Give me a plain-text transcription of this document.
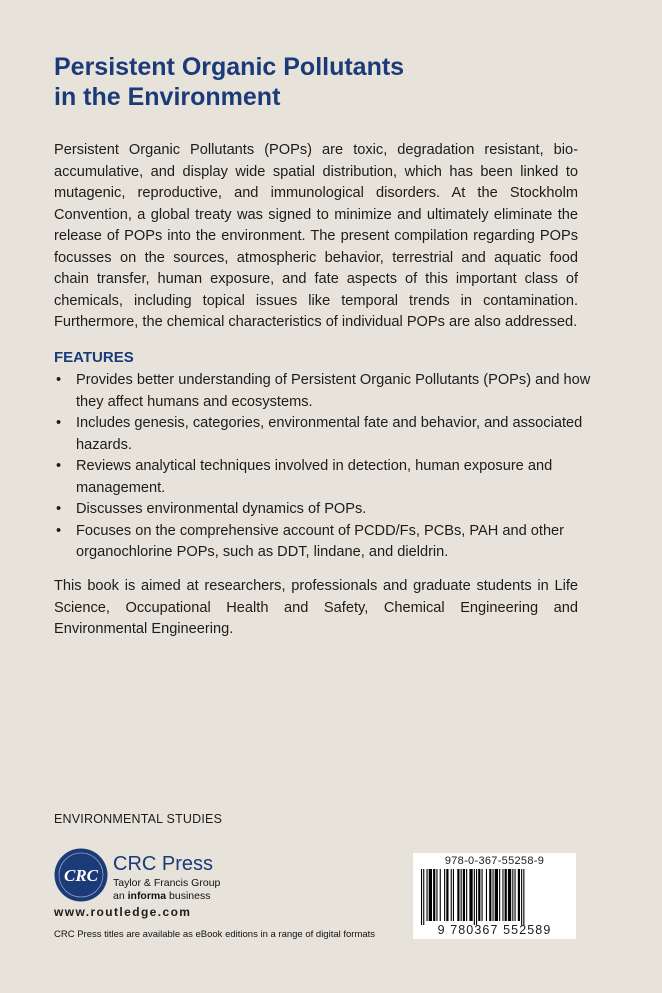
Persistent Organic Pollutants
in the Environment

Persistent Organic Pollutants (POPs) are toxic, degradation resistant, bio-accumulative, and display wide spatial distribution, which has been linked to mutagenic, reproductive, and immunological disorders. At the Stockholm Convention, a global treaty was signed to minimize and ultimately eliminate the release of POPs into the environment. The present compilation regarding POPs focusses on the sources, atmospheric behavior, terrestrial and aquatic food chain transfer, human exposure, and fate aspects of this important class of chemicals, including topical issues like temporal trends in contamination. Furthermore, the chemical characteristics of individual POPs are also addressed.

FEATURES
• Provides better understanding of Persistent Organic Pollutants (POPs) and how they affect humans and ecosystems.
• Includes genesis, categories, environmental fate and behavior, and associated hazards.
• Reviews analytical techniques involved in detection, human exposure and management.
• Discusses environmental dynamics of POPs.
• Focuses on the comprehensive account of PCDD/Fs, PCBs, PAH and other organochlorine POPs, such as DDT, lindane, and dieldrin.

This book is aimed at researchers, professionals and graduate students in Life Science, Occupational Health and Safety, Chemical Engineering and Environmental Engineering.

ENVIRONMENTAL STUDIES

CRC
CRC Press
Taylor & Francis Group
an informa business

www.routledge.com

CRC Press titles are available as eBook editions in a range of digital formats

978-0-367-55258-9
9 780367 552589
